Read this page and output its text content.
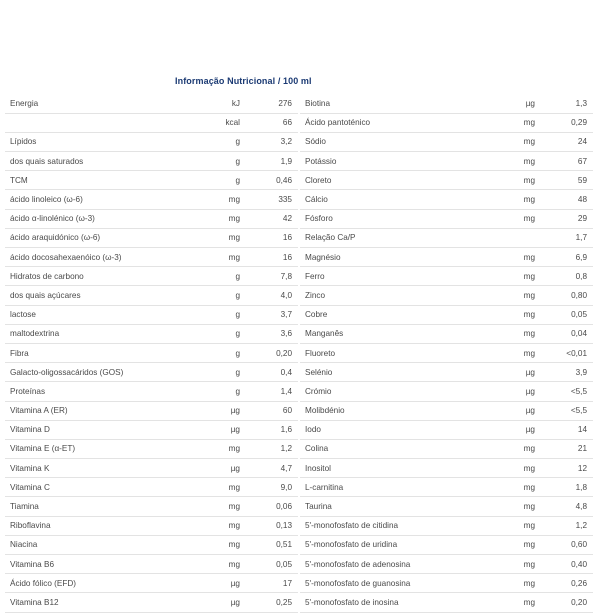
Informação Nutricional / 100 ml
Energia	kJ	276
	kcal	66
Lípidos	g	3,2
dos quais saturados	g	1,9
TCM	g	0,46
ácido linoleico (ω-6)	mg	335
ácido α-linolénico (ω-3)	mg	42
ácido araquidónico (ω-6)	mg	16
ácido docosahexaenóico (ω-3)	mg	16
Hidratos de carbono	g	7,8
dos quais açúcares	g	4,0
lactose	g	3,7
maltodextrina	g	3,6
Fibra	g	0,20
Galacto-oligossacáridos (GOS)	g	0,4
Proteínas	g	1,4
Vitamina A (ER)	µg	60
Vitamina D	µg	1,6
Vitamina E (α-ET)	mg	1,2
Vitamina K	µg	4,7
Vitamina C	mg	9,0
Tiamina	mg	0,06
Riboflavina	mg	0,13
Niacina	mg	0,51
Vitamina B6	mg	0,05
Ácido fólico (EFD)	µg	17
Vitamina B12	µg	0,25
Biotina	µg	1,3
Ácido pantoténico	mg	0,29
Sódio	mg	24
Potássio	mg	67
Cloreto	mg	59
Cálcio	mg	48
Fósforo	mg	29
Relação Ca/P		1,7
Magnésio	mg	6,9
Ferro	mg	0,8
Zinco	mg	0,80
Cobre	mg	0,05
Manganês	mg	0,04
Fluoreto	mg	<0,01
Selénio	µg	3,9
Crómio	µg	<5,5
Molibdénio	µg	<5,5
Iodo	µg	14
Colina	mg	21
Inositol	mg	12
L-carnitina	mg	1,8
Taurina	mg	4,8
5'-monofosfato de citidina	mg	1,2
5'-monofosfato de uridina	mg	0,60
5'-monofosfato de adenosina	mg	0,40
5'-monofosfato de guanosina	mg	0,26
5'-monofosfato de inosina	mg	0,20
